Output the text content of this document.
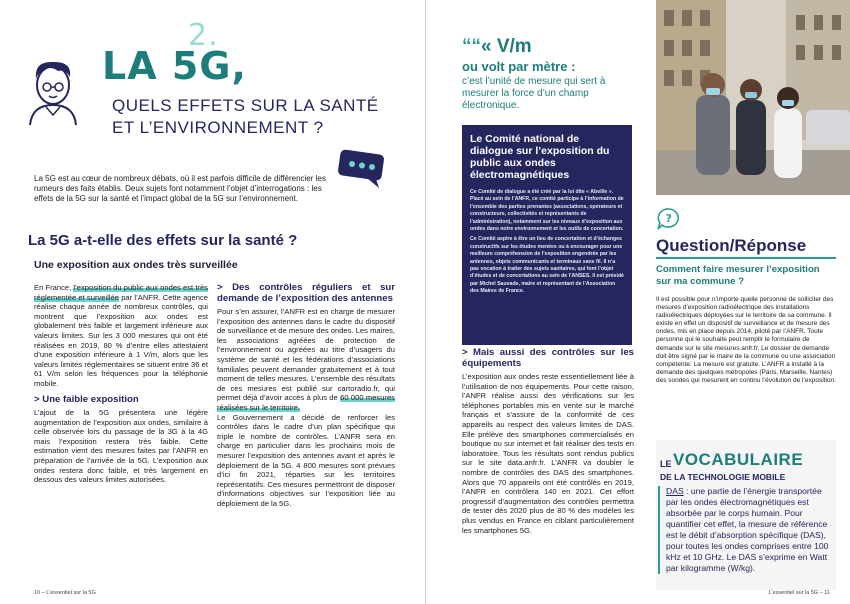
2.
LA 5G,
QUELS EFFETS SUR LA SANTÉ
ET L’ENVIRONNEMENT ?
La 5G est au cœur de nombreux débats, où il est parfois difficile de différencier les rumeurs des faits établis. Deux sujets font notamment l’objet d’interrogations : les effets de la 5G sur la santé et l’impact global de la 5G sur l’environnement.
La 5G a-t-elle des effets sur la santé ?
Une exposition aux ondes très surveillée

En France, l’exposition du public aux ondes est très réglementée et surveillée par l’ANFR. Cette agence réalise chaque année de nombreux contrôles, qui montrent que l’exposition aux ondes est globalement très faible et largement inférieure aux valeurs limites. Sur les 3 000 mesures qui ont été réalisées en 2019, 80 % d’entre elles attestaient d’une exposition inférieure à 1 V/m, alors que les valeurs limites réglementaires se situent entre 36 et 61 V/m selon les fréquences pour la téléphonie mobile.

> Une faible exposition

L’ajout de la 5G présentera une légère augmentation de l’exposition aux ondes, similaire à celle observée lors du passage de la 3G à la 4G mais l’exposition restera très faible. Cette estimation vient des mesures faites par l’ANFR en préparation de l’arrivée de la 5G. L’exposition aux ondes restera donc faible, et très largement en dessous des valeurs limites autorisées.

> Des contrôles réguliers et sur demande de l’exposition des antennes

Pour s’en assurer, l’ANFR est en charge de mesurer l’exposition des antennes dans le cadre du dispositif de surveillance et de mesure des ondes. Les maires, les associations agréées de protection de l’environnement ou agréées au titre d’usagers du système de santé et les fédérations d’associations familiales peuvent demander gratuitement et à tout moment de telles mesures. L’ensemble des résultats de ces mesures est publié sur cartoradio.fr, qui permet déjà d’avoir accès à plus de 60 000 mesures réalisées sur le territoire.

Le Gouvernement a décidé de renforcer les contrôles dans le cadre d’un plan spécifique qui triple le nombre de contrôles. L’ANFR sera en charge en particulier dans les prochains mois de mesurer l’exposition des antennes avant et après le déploiement de la 5G. 4 800 mesures sont prévues d’ici fin 2021, réparties sur les territoires représentatifs. Ces mesures permettront de disposer d’informations objectives sur l’exposition liée au déploiement de la 5G.

10 – L’essentiel sur la 5G
““« V/m
ou volt par mètre :
c’est l’unité de mesure qui sert à mesurer la force d’un champ électronique.
Le Comité national de dialogue sur l’exposition du public aux ondes électromagnétiques
Ce Comité de dialogue a été créé par la loi dite « Abeille ». Placé au sein de l’ANFR, ce comité participe à l’information de l’ensemble des parties prenantes (associations, opérateurs et constructeurs, collectivités et représentants de l’administration), notamment sur les niveaux d’exposition aux ondes dans notre environnement et les outils de concertation.
Ce Comité aspire à être un lieu de concertation et d’échanges constructifs sur les études menées ou à encourager pour une meilleure compréhension de l’exposition engendrée par les antennes, objets communicants et terminaux sans fil. Il n’a pas vocation à traiter des sujets sanitaires, qui font l’objet d’études et de concertations au sein de l’ANSES. Il est présidé par Michel Sauvade, maire et représentant de l’Association des Maires de France.
> Mais aussi des contrôles sur les équipements

L’exposition aux ondes reste essentiellement liée à l’utilisation de nos équipements. Pour cette raison, l’ANFR réalise aussi des vérifications sur les téléphones portables mis en vente sur le marché français et s’assure de la conformité de ces appareils au respect des valeurs limites de DAS. Elle prélève des smartphones commercialisés en boutique ou sur internet et fait réaliser des tests en laboratoire. Tous les résultats sont rendus publics sur le site data.anfr.fr. L’ANFR va doubler le nombre de contrôles des DAS des smartphones. Alors que 70 appareils ont été contrôlés en 2019, l’ANFR en contrôlera 140 en 2021. Cet effort progressif d’augmentation des contrôles permettra de tester dès 2020 plus de 80 % des modèles les plus vendus en France en ciblant particulièrement les smartphones 5G.

?
Question/Réponse
Comment faire mesurer l’exposition sur ma commune ?
Il est possible pour n’importe quelle personne de solliciter des mesures d’exposition radioélectrique des installations radioélectriques déployées sur le territoire de sa commune. Il existe en effet un dispositif de surveillance et de mesure des ondes, mis en place depuis 2014, piloté par l’ANFR. Toute personne qui le souhaite peut remplir le formulaire de demande sur le site mesures.anfr.fr. Le dossier de demande doit être signé par le maire de la commune ou une association compétente. La mesure est gratuite. L’ANFR a installé à la demande des quelques métropoles (Paris, Marseille, Nantes) des sondes qui mesurent en continu l’évolution de l’exposition.
LE VOCABULAIRE
DE LA TECHNOLOGIE MOBILE
DAS : une partie de l’énergie transportée par les ondes électromagnétiques est absorbée par le corps humain. Pour quantifier cet effet, la mesure de référence est le débit d’absorption spécifique (DAS), pour toutes les ondes comprises entre 100 kHz et 10 GHz. Le DAS s’exprime en Watt par kilogramme (W/kg).
L’essentiel sur la 5G – 11
